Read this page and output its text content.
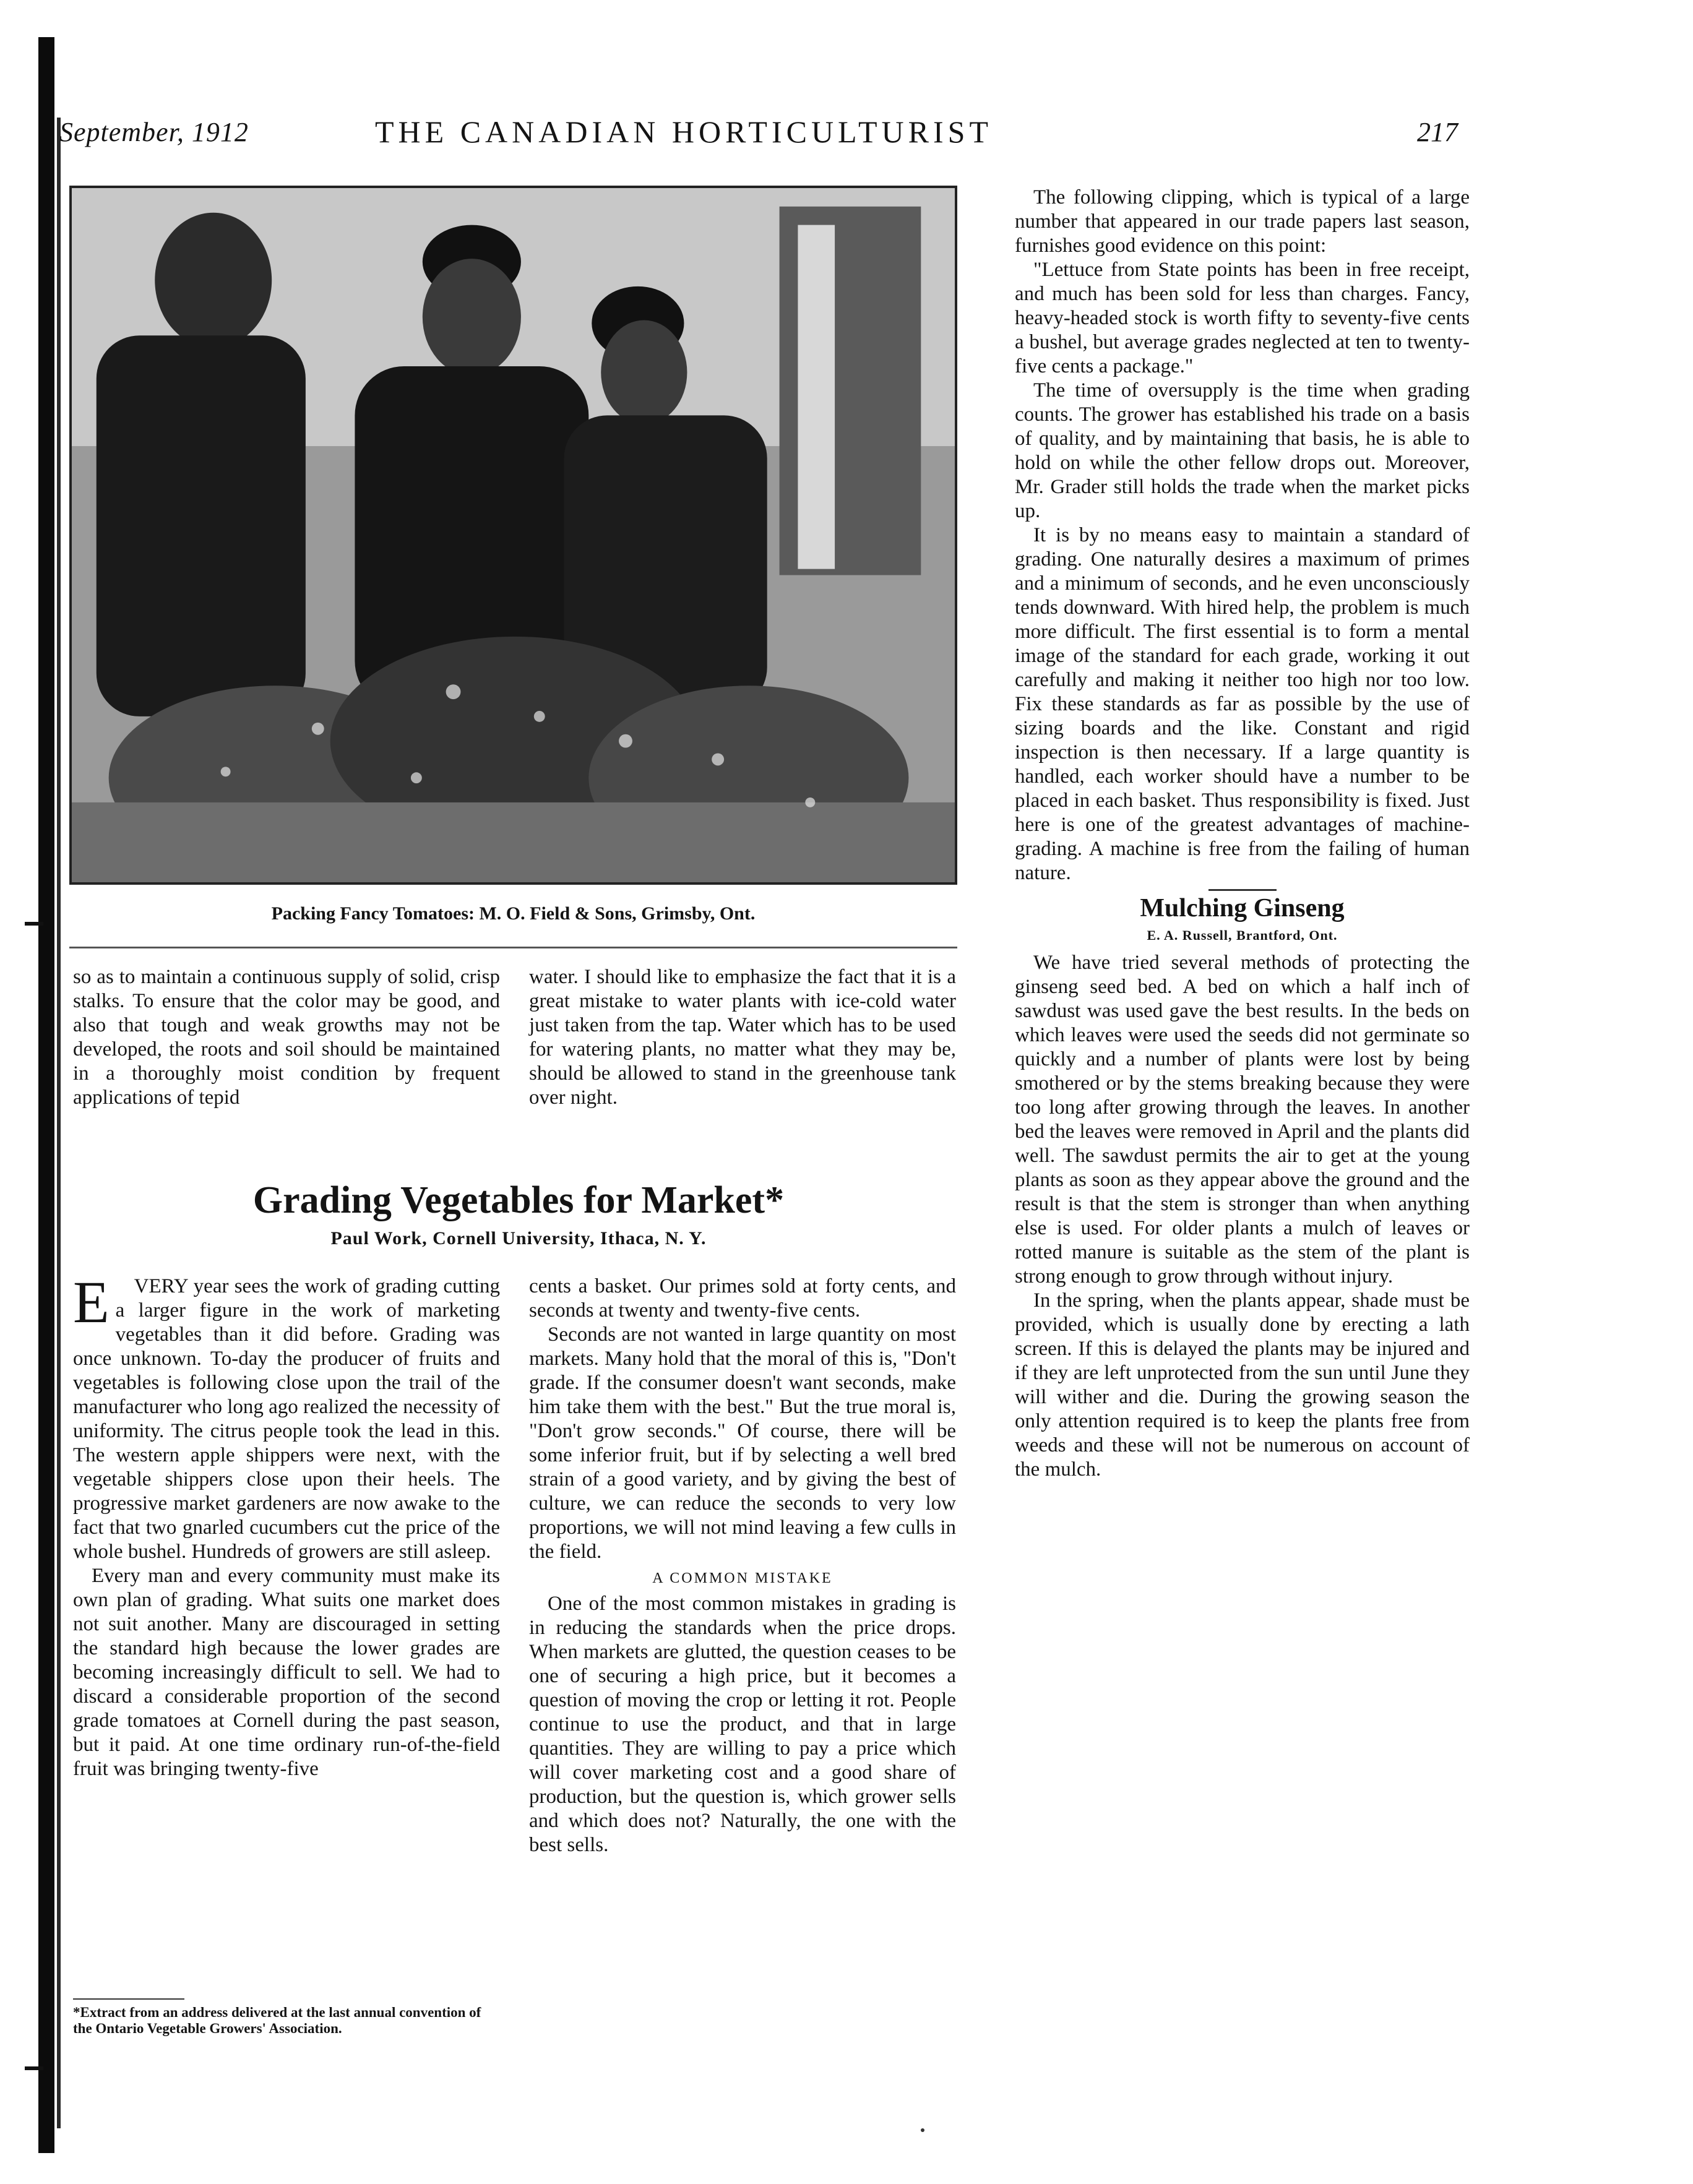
September, 1912	THE CANADIAN HORTICULTURIST	217
Packing Fancy Tomatoes: M. O. Field & Sons, Grimsby, Ont.

so as to maintain a continuous supply of solid, crisp stalks. To ensure that the color may be good, and also that tough and weak growths may not be developed, the roots and soil should be maintained in a thoroughly moist condition by frequent applications of tepid

water. I should like to emphasize the fact that it is a great mistake to water plants with ice-cold water just taken from the tap. Water which has to be used for watering plants, no matter what they may be, should be allowed to stand in the greenhouse tank over night.

Grading Vegetables for Market*
Paul Work, Cornell University, Ithaca, N. Y.

E VERY year sees the work of grading cutting a larger figure in the work of marketing vegetables than it did before. Grading was once unknown. To-day the producer of fruits and vegetables is following close upon the trail of the manufacturer who long ago realized the necessity of uniformity. The citrus people took the lead in this. The western apple shippers were next, with the vegetable shippers close upon their heels. The progressive market gardeners are now awake to the fact that two gnarled cucumbers cut the price of the whole bushel. Hundreds of growers are still asleep.

Every man and every community must make its own plan of grading. What suits one market does not suit another. Many are discouraged in setting the standard high because the lower grades are becoming increasingly difficult to sell. We had to discard a considerable proportion of the second grade tomatoes at Cornell during the past season, but it paid. At one time ordinary run-of-the-field fruit was bringing twenty-five

cents a basket. Our primes sold at forty cents, and seconds at twenty and twenty-five cents.

Seconds are not wanted in large quantity on most markets. Many hold that the moral of this is, "Don't grade. If the consumer doesn't want seconds, make him take them with the best." But the true moral is, "Don't grow seconds." Of course, there will be some inferior fruit, but if by selecting a well bred strain of a good variety, and by giving the best of culture, we can reduce the seconds to very low proportions, we will not mind leaving a few culls in the field.

A COMMON MISTAKE

One of the most common mistakes in grading is in reducing the standards when the price drops. When markets are glutted, the question ceases to be one of securing a high price, but it becomes a question of moving the crop or letting it rot. People continue to use the product, and that in large quantities. They are willing to pay a price which will cover marketing cost and a good share of production, but the question is, which grower sells and which does not? Naturally, the one with the best sells.

*Extract from an address delivered at the last annual convention of the Ontario Vegetable Growers' Association.

The following clipping, which is typical of a large number that appeared in our trade papers last season, furnishes good evidence on this point:

"Lettuce from State points has been in free receipt, and much has been sold for less than charges. Fancy, heavy-headed stock is worth fifty to seventy-five cents a bushel, but average grades neglected at ten to twenty-five cents a package."

The time of oversupply is the time when grading counts. The grower has established his trade on a basis of quality, and by maintaining that basis, he is able to hold on while the other fellow drops out. Moreover, Mr. Grader still holds the trade when the market picks up.

It is by no means easy to maintain a standard of grading. One naturally desires a maximum of primes and a minimum of seconds, and he even unconsciously tends downward. With hired help, the problem is much more difficult. The first essential is to form a mental image of the standard for each grade, working it out carefully and making it neither too high nor too low. Fix these standards as far as possible by the use of sizing boards and the like. Constant and rigid inspection is then necessary. If a large quantity is handled, each worker should have a number to be placed in each basket. Thus responsibility is fixed. Just here is one of the greatest advantages of machine-grading. A machine is free from the failing of human nature.

Mulching Ginseng
E. A. Russell, Brantford, Ont.

We have tried several methods of protecting the ginseng seed bed. A bed on which a half inch of sawdust was used gave the best results. In the beds on which leaves were used the seeds did not germinate so quickly and a number of plants were lost by being smothered or by the stems breaking because they were too long after growing through the leaves. In another bed the leaves were removed in April and the plants did well. The sawdust permits the air to get at the young plants as soon as they appear above the ground and the result is that the stem is stronger than when anything else is used. For older plants a mulch of leaves or rotted manure is suitable as the stem of the plant is strong enough to grow through without injury.

In the spring, when the plants appear, shade must be provided, which is usually done by erecting a lath screen. If this is delayed the plants may be injured and if they are left unprotected from the sun until June they will wither and die. During the growing season the only attention required is to keep the plants free from weeds and these will not be numerous on account of the mulch.
